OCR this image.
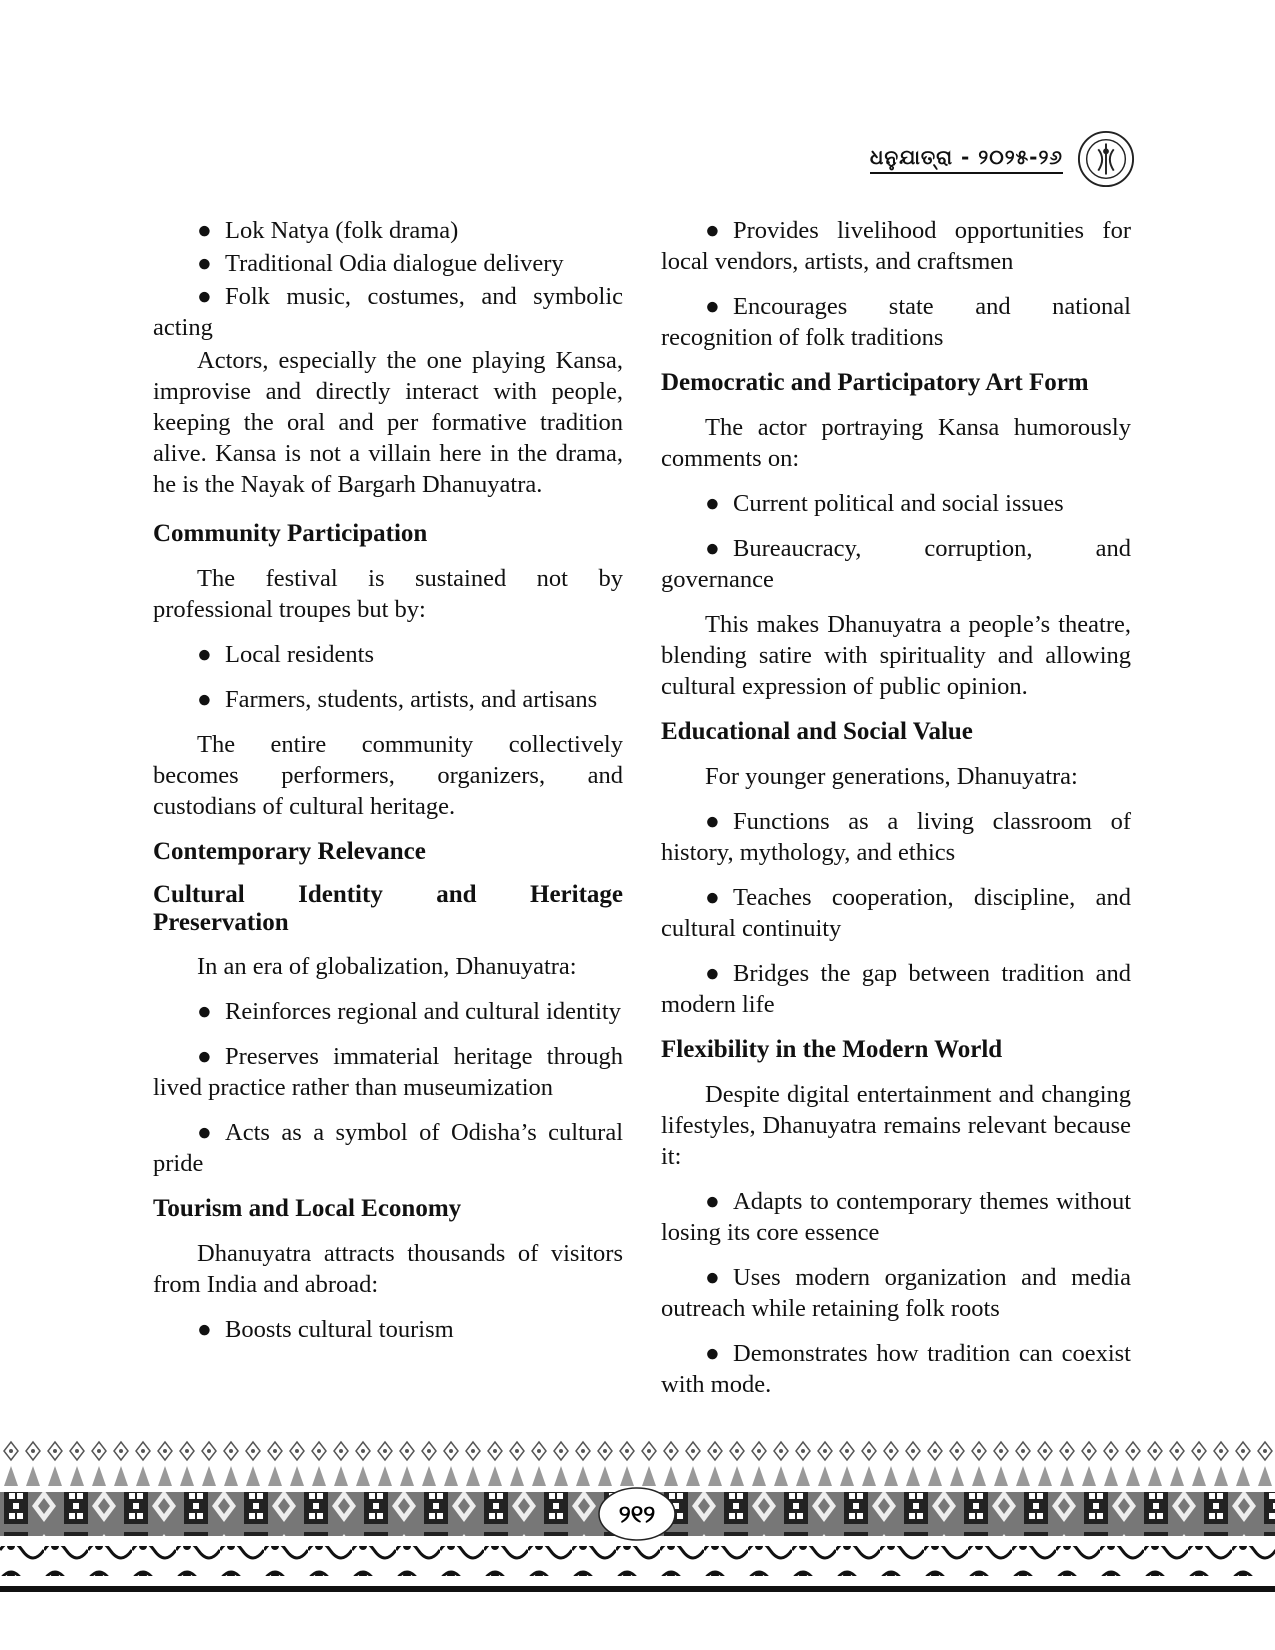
ଧନୁଯାତ୍ରା - ୨୦୨୫-୨୬

● Lok Natya (folk drama)

● Traditional Odia dialogue delivery

● Folk music, costumes, and symbolic acting

Actors, especially the one playing Kansa, improvise and directly interact with people, keeping the oral and per formative tradition alive. Kansa is not a villain here in the drama, he is the Nayak of Bargarh Dhanuyatra.

Community Participation

The festival is sustained not by professional troupes but by:

● Local residents

● Farmers, students, artists, and artisans

The entire community collectively becomes performers, organizers, and custodians of cultural heritage.

Contemporary Relevance

Cultural Identity and Heritage Preservation

In an era of globalization, Dhanuyatra:

● Reinforces regional and cultural identity

● Preserves immaterial heritage through lived practice rather than museumization

● Acts as a symbol of Odisha’s cultural pride

Tourism and Local Economy

Dhanuyatra attracts thousands of visitors from India and abroad:

● Boosts cultural tourism

● Provides livelihood opportunities for local vendors, artists, and craftsmen

● Encourages state and national recognition of folk traditions

Democratic and Participatory Art Form

The actor portraying Kansa humorously comments on:

● Current political and social issues

● Bureaucracy, corruption, and governance

This makes Dhanuyatra a people’s theatre, blending satire with spirituality and allowing cultural expression of public opinion.

Educational and Social Value

For younger generations, Dhanuyatra:

● Functions as a living classroom of history, mythology, and ethics

● Teaches cooperation, discipline, and cultural continuity

● Bridges the gap between tradition and modern life

Flexibility in the Modern World

Despite digital entertainment and changing lifestyles, Dhanuyatra remains relevant because it:

● Adapts to contemporary themes without losing its core essence

● Uses modern organization and media outreach while retaining folk roots

● Demonstrates how tradition can coexist with mode.

୨୧୨
